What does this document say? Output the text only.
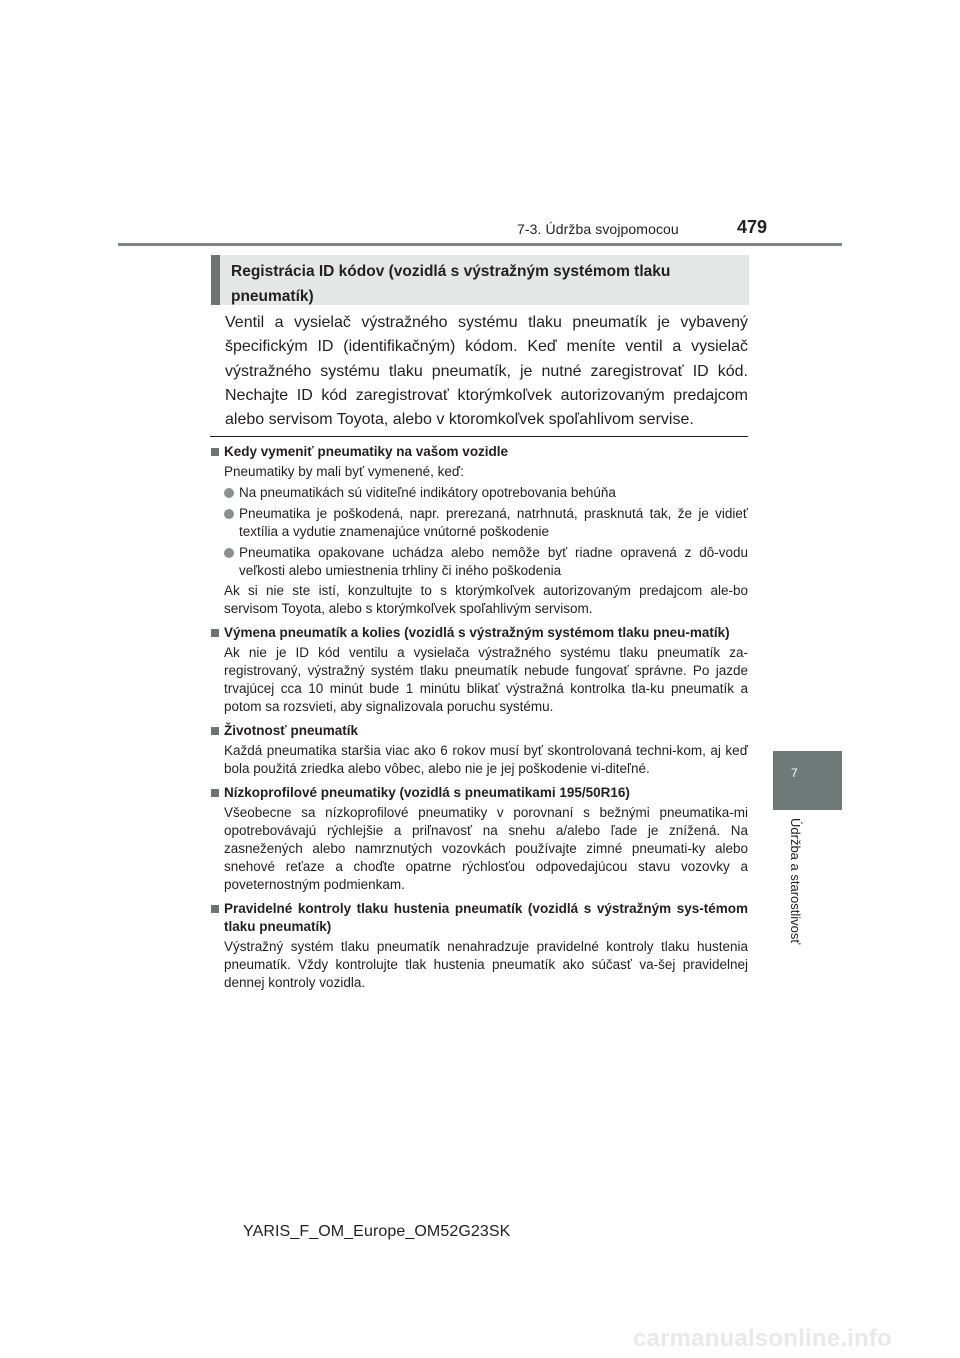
7-3. Údržba svojpomocou	479
7
Údržba a starostlivosť
Registrácia ID kódov (vozidlá s výstražným systémom tlaku pneumatík)
Ventil a vysielač výstražného systému tlaku pneumatík je vybavený špecifickým ID (identifikačným) kódom. Keď meníte ventil a vysielač výstražného systému tlaku pneumatík, je nutné zaregistrovať ID kód. Nechajte ID kód zaregistrovať ktorýmkoľvek autorizovaným predajcom alebo servisom Toyota, alebo v ktoromkoľvek spoľahlivom servise.
Kedy vymeniť pneumatiky na vašom vozidle
Pneumatiky by mali byť vymenené, keď:
Na pneumatikách sú viditeľné indikátory opotrebovania behúňa
Pneumatika je poškodená, napr. prerezaná, natrhnutá, prasknutá tak, že je vidieť textília a vydutie znamenajúce vnútorné poškodenie
Pneumatika opakovane uchádza alebo nemôže byť riadne opravená z dô-vodu veľkosti alebo umiestnenia trhliny či iného poškodenia
Ak si nie ste istí, konzultujte to s ktorýmkoľvek autorizovaným predajcom ale-bo servisom Toyota, alebo s ktorýmkoľvek spoľahlivým servisom.
Výmena pneumatík a kolies (vozidlá s výstražným systémom tlaku pneu-matík)
Ak nie je ID kód ventilu a vysielača výstražného systému tlaku pneumatík za-registrovaný, výstražný systém tlaku pneumatík nebude fungovať správne. Po jazde trvajúcej cca 10 minút bude 1 minútu blikať výstražná kontrolka tla-ku pneumatík a potom sa rozsvieti, aby signalizovala poruchu systému.
Životnosť pneumatík
Každá pneumatika staršia viac ako 6 rokov musí byť skontrolovaná techni-kom, aj keď bola použitá zriedka alebo vôbec, alebo nie je jej poškodenie vi-diteľné.
Nízkoprofilové pneumatiky (vozidlá s pneumatikami 195/50R16)
Všeobecne sa nízkoprofilové pneumatiky v porovnaní s bežnými pneumatika-mi opotrebovávajú rýchlejšie a priľnavosť na snehu a/alebo ľade je znížená. Na zasnežených alebo namrznutých vozovkách používajte zimné pneumati-ky alebo snehové reťaze a choďte opatrne rýchlosťou odpovedajúcou stavu vozovky a poveternostným podmienkam.
Pravidelné kontroly tlaku hustenia pneumatík (vozidlá s výstražným sys-témom tlaku pneumatík)
Výstražný systém tlaku pneumatík nenahradzuje pravidelné kontroly tlaku hustenia pneumatík. Vždy kontrolujte tlak hustenia pneumatík ako súčasť va-šej pravidelnej dennej kontroly vozidla.
YARIS_F_OM_Europe_OM52G23SK
carmanualsonline.info
